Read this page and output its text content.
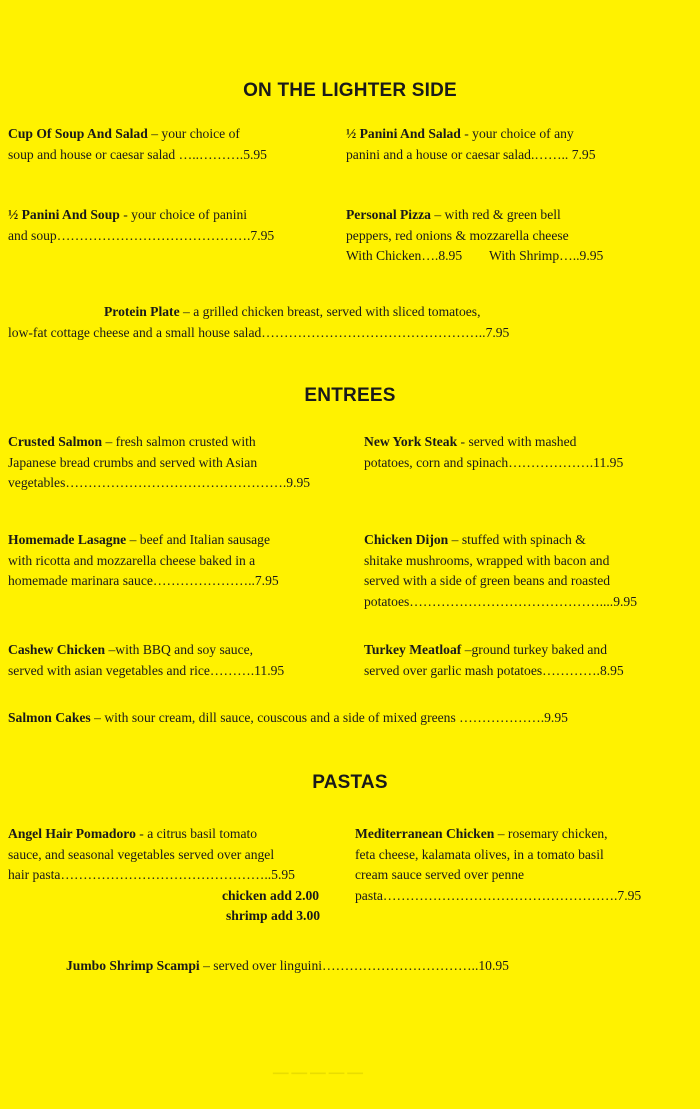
─────
ON THE LIGHTER SIDE
Cup Of Soup And Salad – your choice of
soup and house or caesar salad …..……….5.95
½ Panini And Salad - your choice of any
panini and a house or caesar salad.…….. 7.95
½ Panini And Soup - your choice of panini
and soup…………………………………….7.95
Personal Pizza – with red & green bell
peppers, red onions & mozzarella cheese
With Chicken….8.95        With Shrimp…..9.95
Protein Plate – a grilled chicken breast, served with sliced tomatoes,
low-fat cottage cheese and a small house salad…………………………………………..7.95
ENTREES
Crusted Salmon – fresh salmon crusted with
Japanese bread crumbs and served with Asian
vegetables………………………………………….9.95
New York Steak - served with mashed
potatoes, corn and spinach……………….11.95
Homemade Lasagne – beef and Italian sausage
with ricotta and mozzarella cheese baked in a
homemade marinara sauce…………………..7.95
Chicken Dijon – stuffed with spinach &
shitake mushrooms, wrapped with bacon and
served with a side of green beans and roasted
potatoes……………………………………....9.95
Cashew Chicken –with BBQ and soy sauce,
served with asian vegetables and rice……….11.95
Turkey Meatloaf –ground turkey baked and
served over garlic mash potatoes………….8.95
Salmon Cakes – with sour cream, dill sauce, couscous and a side of mixed greens ……………….9.95
PASTAS
Angel Hair Pomadoro - a citrus basil tomato
sauce, and seasonal vegetables served over angel
hair pasta………………………………………..5.95
chicken add 2.00
shrimp add 3.00
Mediterranean Chicken – rosemary chicken,
feta cheese, kalamata olives, in a tomato basil
cream sauce served over penne
pasta…………………………………………….7.95
Jumbo Shrimp Scampi – served over linguini……………………………..10.95
